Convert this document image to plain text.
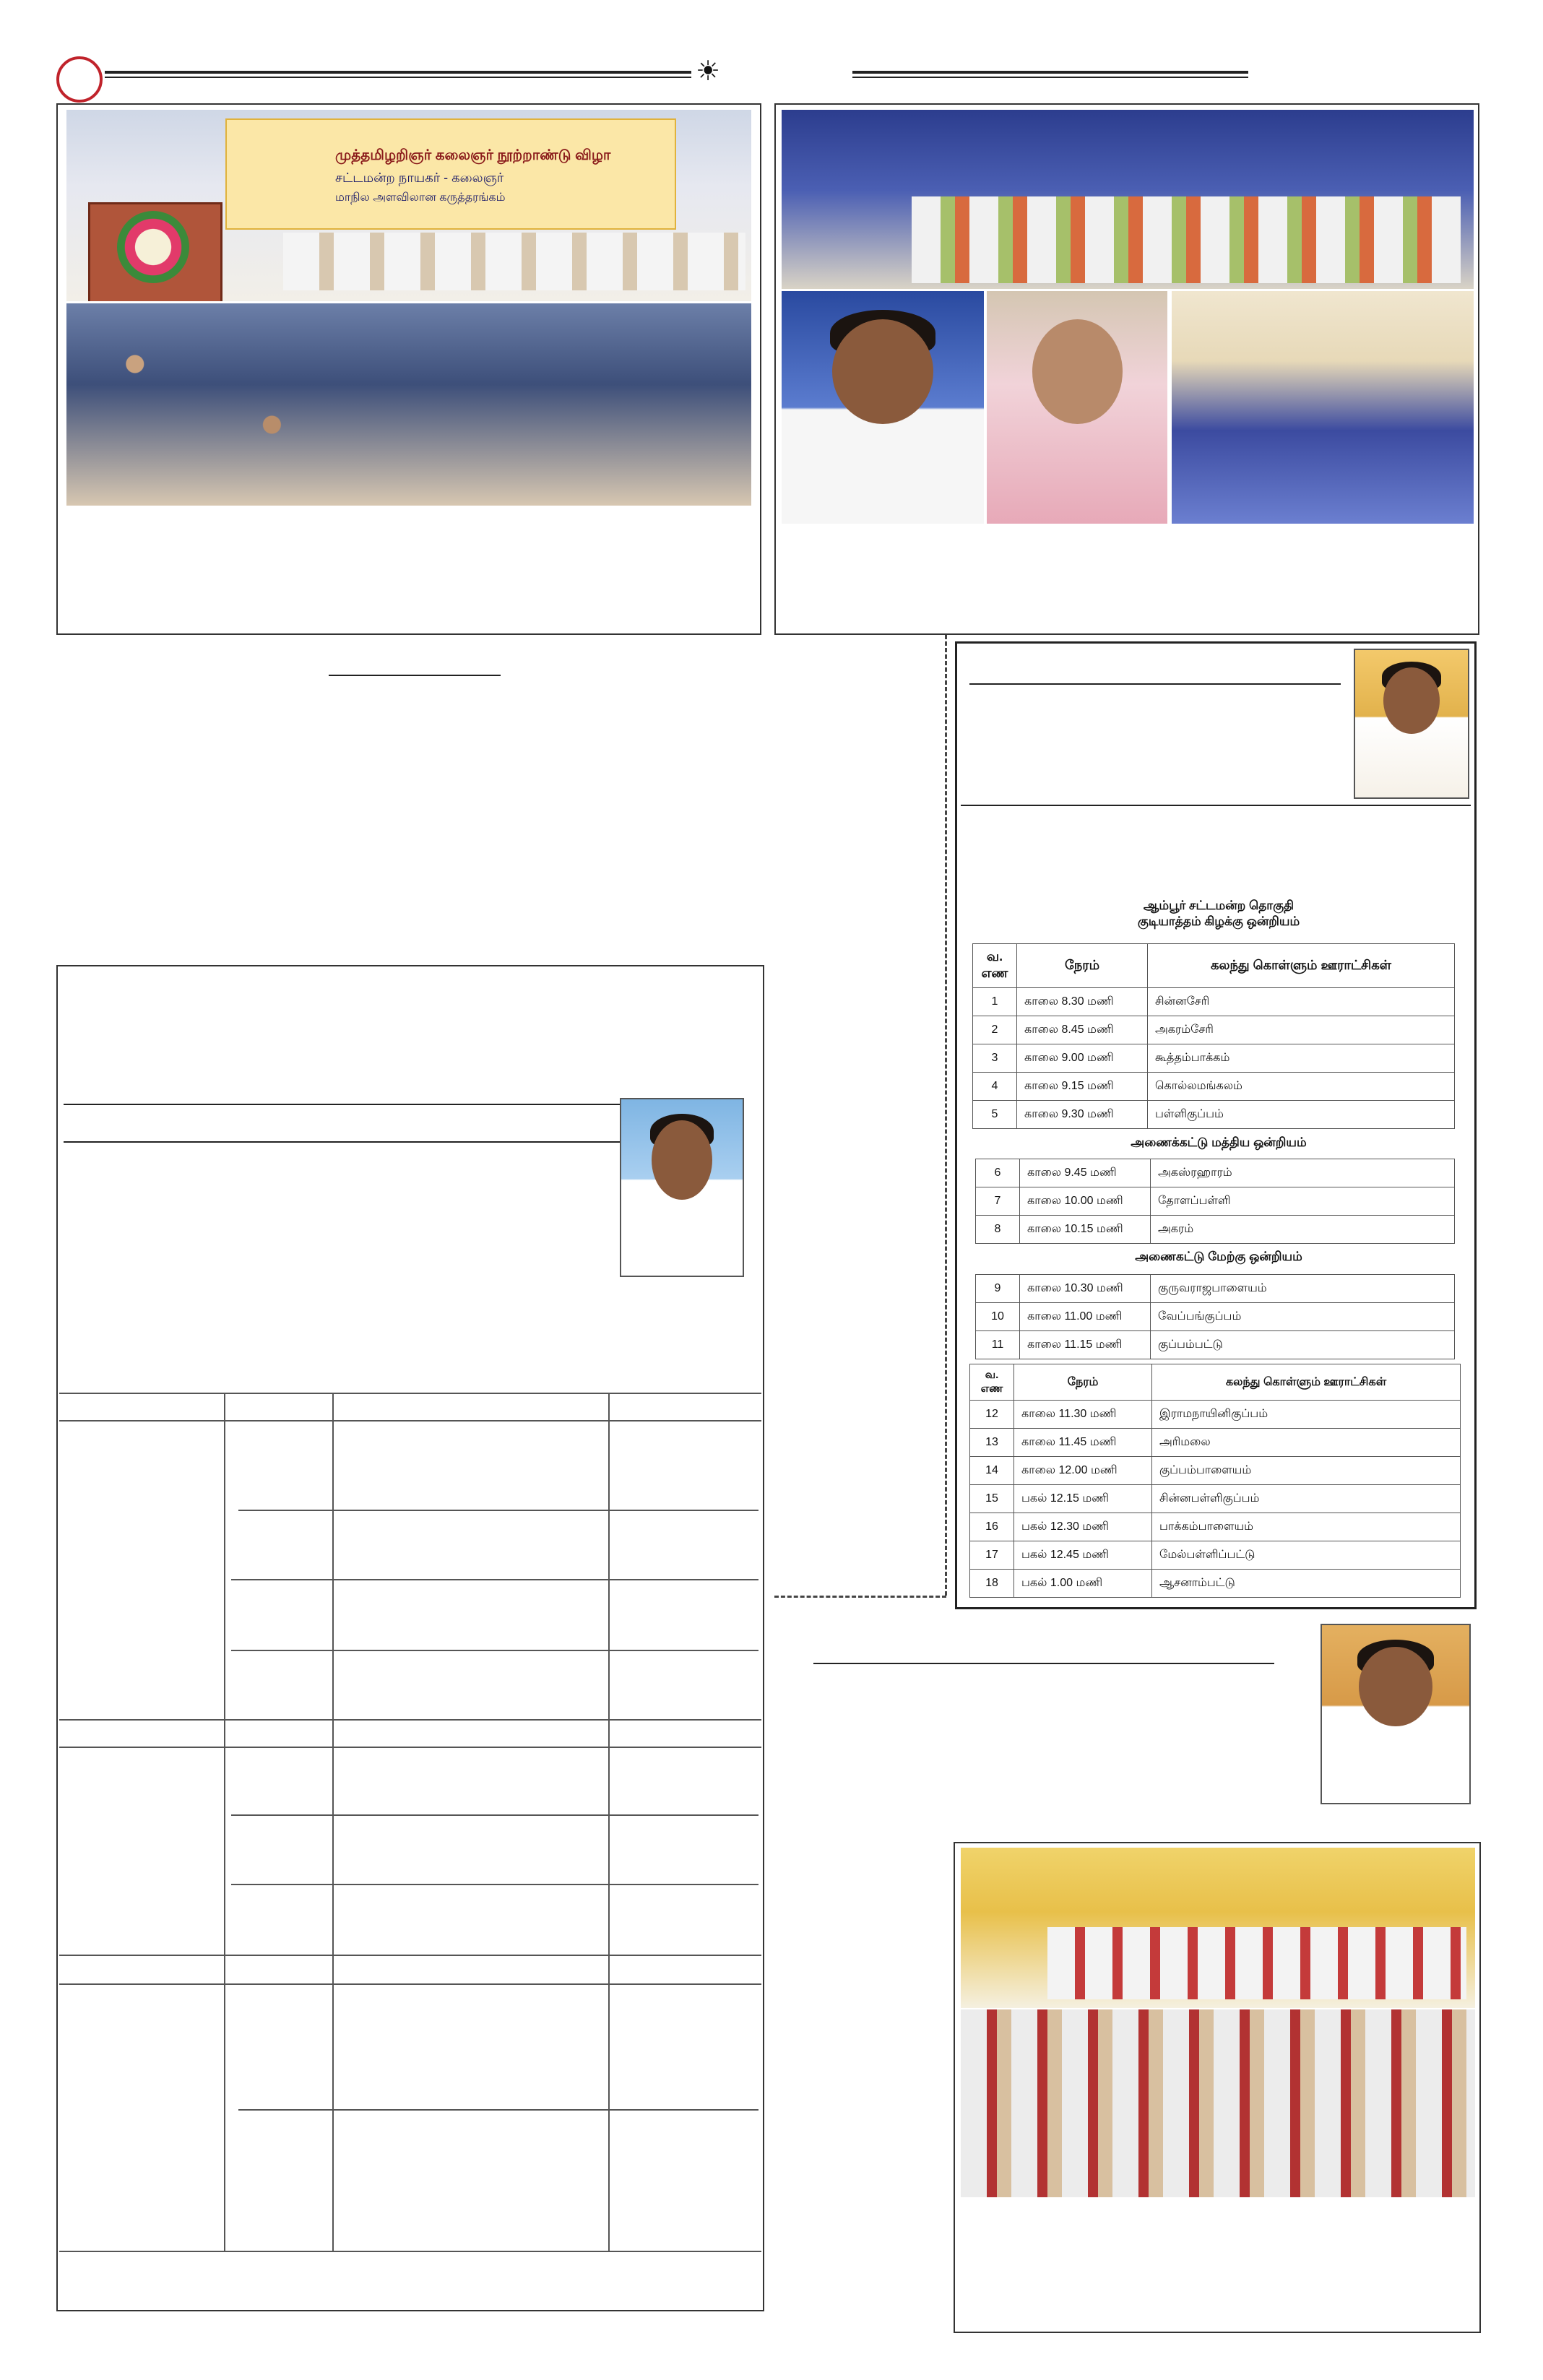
☀
முத்தமிழறிஞர் கலைஞர் நூற்றாண்டு விழா
சட்டமன்ற நாயகர் - கலைஞர்
மாநில அளவிலான கருத்தரங்கம்
ஆம்பூர் சட்டமன்ற தொகுதி
குடியாத்தம் கிழக்கு ஒன்றியம்
வ. எண	நேரம்	கலந்து கொள்ளும் ஊராட்சிகள்
1	காலை 8.30 மணி	சின்னசேரி
2	காலை 8.45 மணி	அகரம்சேரி
3	காலை 9.00 மணி	கூத்தம்பாக்கம்
4	காலை 9.15 மணி	கொல்லமங்கலம்
5	காலை 9.30 மணி	பள்ளிகுப்பம்
அணைக்கட்டு மத்திய ஒன்றியம்
6	காலை 9.45 மணி	அகஸ்ரஹாரம்
7	காலை 10.00 மணி	தோளப்பள்ளி
8	காலை 10.15 மணி	அகரம்
அணைகட்டு மேற்கு ஒன்றியம்
9	காலை 10.30 மணி	குருவராஜபாளையம்
10	காலை 11.00 மணி	வேப்பங்குப்பம்
11	காலை 11.15 மணி	குப்பம்பட்டு
வ. எண	நேரம்	கலந்து கொள்ளும் ஊராட்சிகள்
12	காலை 11.30 மணி	இராமநாயினிகுப்பம்
13	காலை 11.45 மணி	அரிமலை
14	காலை 12.00 மணி	குப்பம்பாளையம்
15	பகல் 12.15 மணி	சின்னபள்ளிகுப்பம்
16	பகல் 12.30 மணி	பாக்கம்பாளையம்
17	பகல் 12.45 மணி	மேல்பள்ளிப்பட்டு
18	பகல் 1.00 மணி	ஆசனாம்பட்டு
